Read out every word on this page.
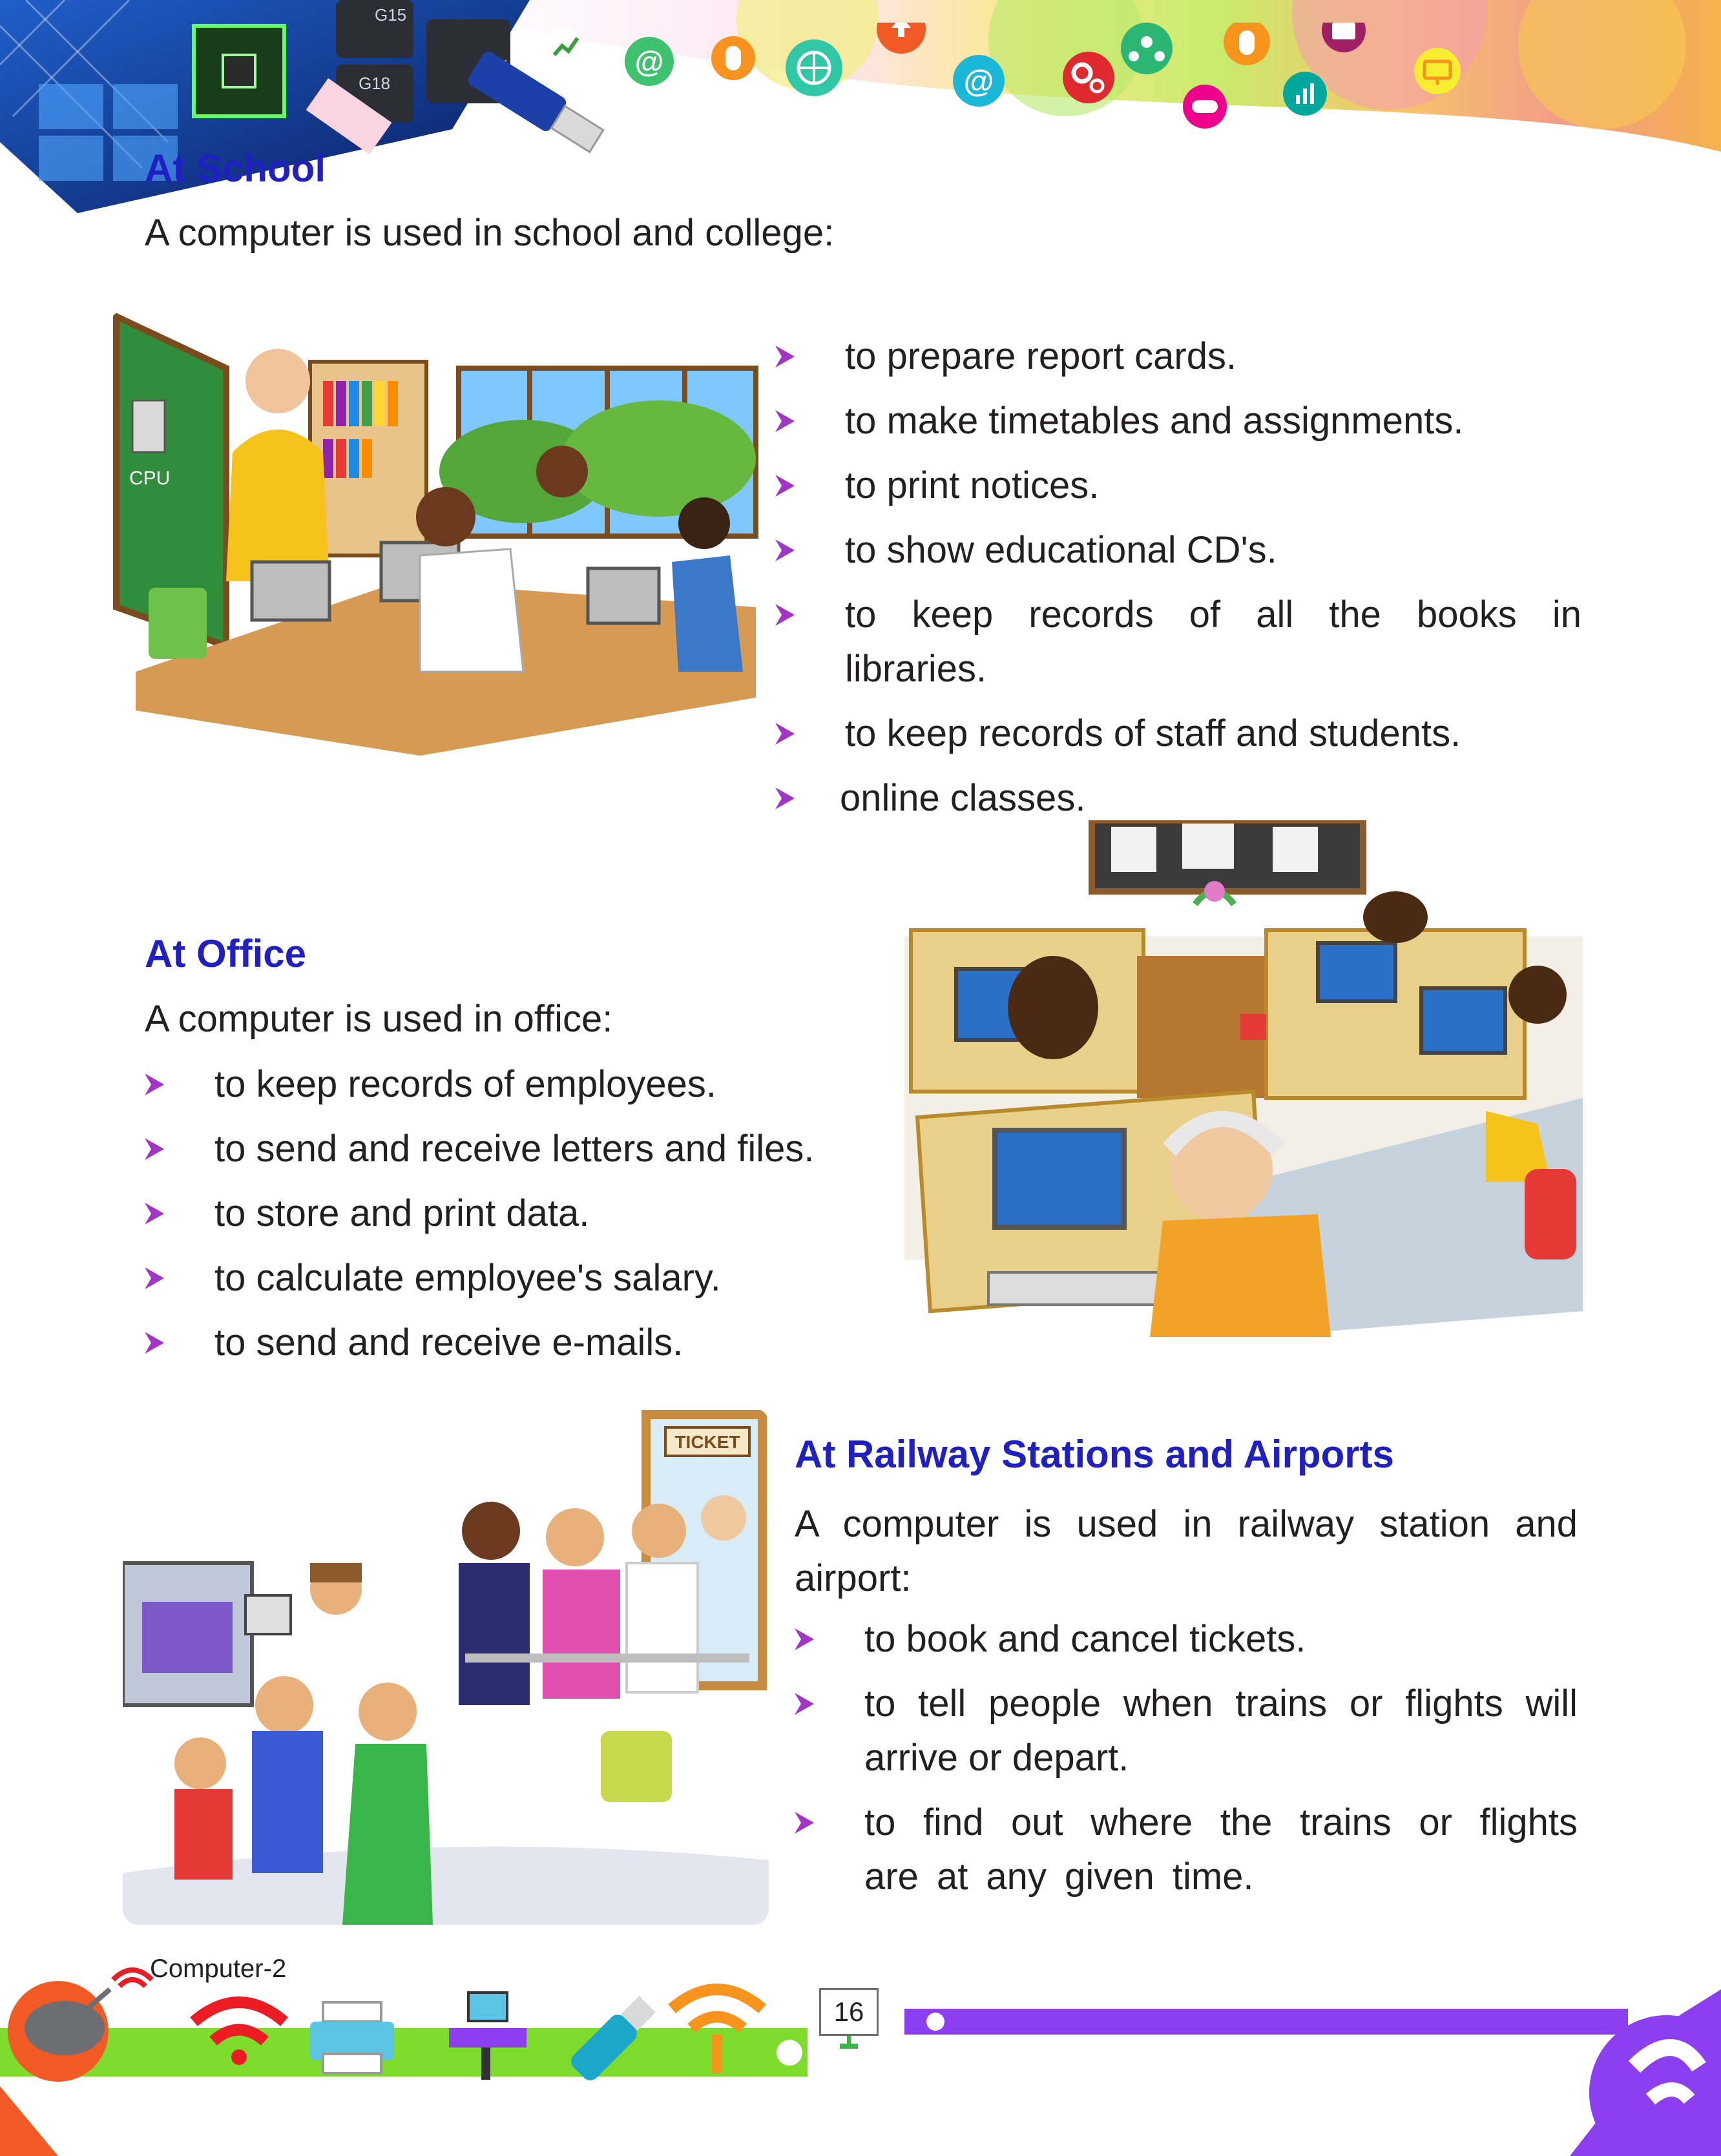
@
@
G15
G18
At School
A computer is used in school and college:
CPU
to prepare report cards.
to make timetables and assignments.
to print notices.
to show educational CD's.
to keep records of all the books in libraries.
to keep records of staff and students.
online classes.
At Office
A computer is used in office:
to keep records of employees.
to send and receive letters and files.
to store and print data.
to calculate employee's salary.
to send and receive e-mails.
At Railway Stations and Airports
A computer is used in railway station and airport:
to book and cancel tickets.
to tell people when trains or flights will arrive or depart.
to find out where the trains or flights are at any given time.
TICKET
Computer-2
16
